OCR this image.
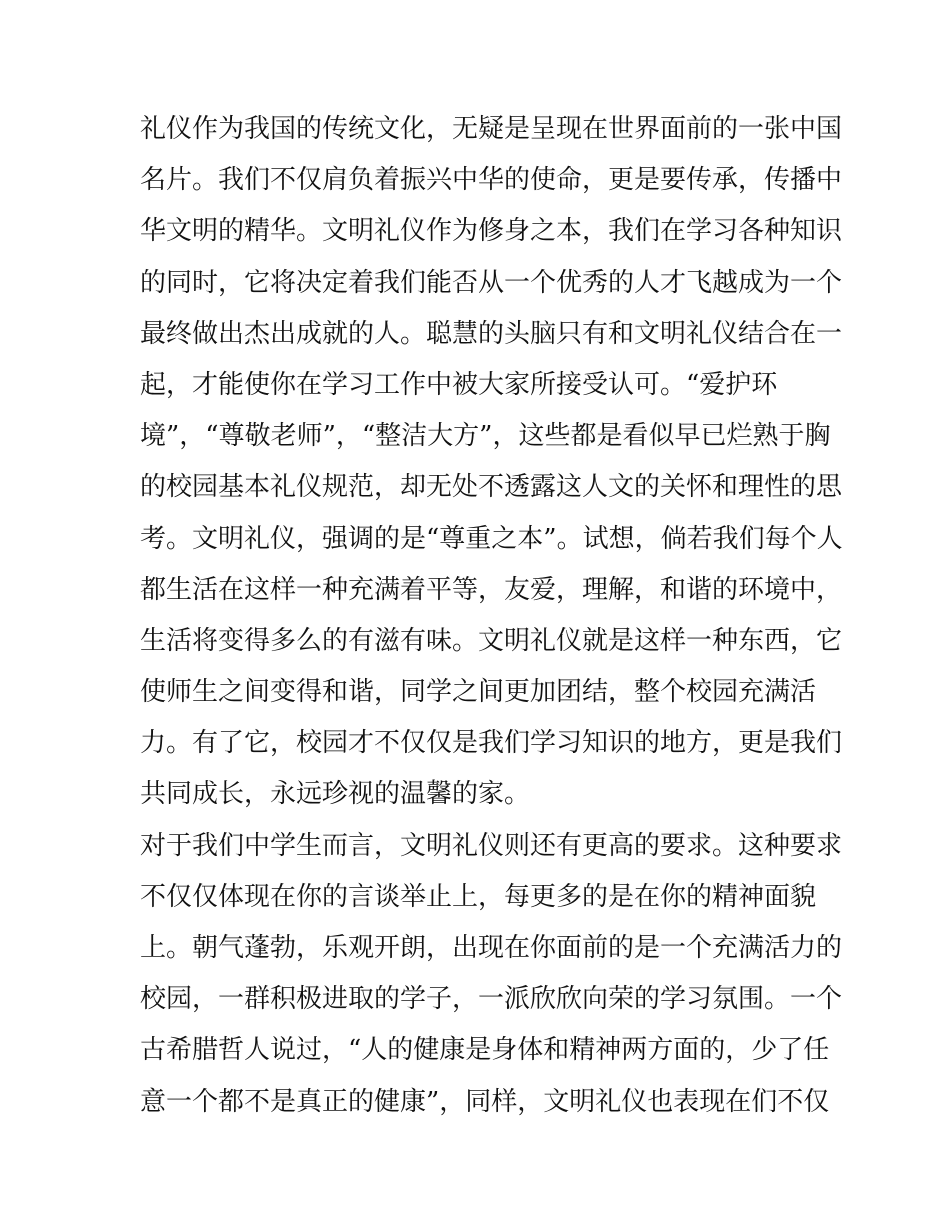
礼仪作为我国的传统文化，无疑是呈现在世界面前的一张中国
名片。我们不仅肩负着振兴中华的使命，更是要传承，传播中
华文明的精华。文明礼仪作为修身之本，我们在学习各种知识
的同时，它将决定着我们能否从一个优秀的人才飞越成为一个
最终做出杰出成就的人。聪慧的头脑只有和文明礼仪结合在一
起，才能使你在学习工作中被大家所接受认可。“爱护环
境”，“尊敬老师”，“整洁大方”，这些都是看似早已烂熟于胸
的校园基本礼仪规范，却无处不透露这人文的关怀和理性的思
考。文明礼仪，强调的是“尊重之本”。试想，倘若我们每个人
都生活在这样一种充满着平等，友爱，理解，和谐的环境中，
生活将变得多么的有滋有味。文明礼仪就是这样一种东西，它
使师生之间变得和谐，同学之间更加团结，整个校园充满活
力。有了它，校园才不仅仅是我们学习知识的地方，更是我们
共同成长，永远珍视的温馨的家。
对于我们中学生而言，文明礼仪则还有更高的要求。这种要求
不仅仅体现在你的言谈举止上，每更多的是在你的精神面貌
上。朝气蓬勃，乐观开朗，出现在你面前的是一个充满活力的
校园，一群积极进取的学子，一派欣欣向荣的学习氛围。一个
古希腊哲人说过，“人的健康是身体和精神两方面的，少了任
意一个都不是真正的健康”，同样，文明礼仪也表现在们不仅
